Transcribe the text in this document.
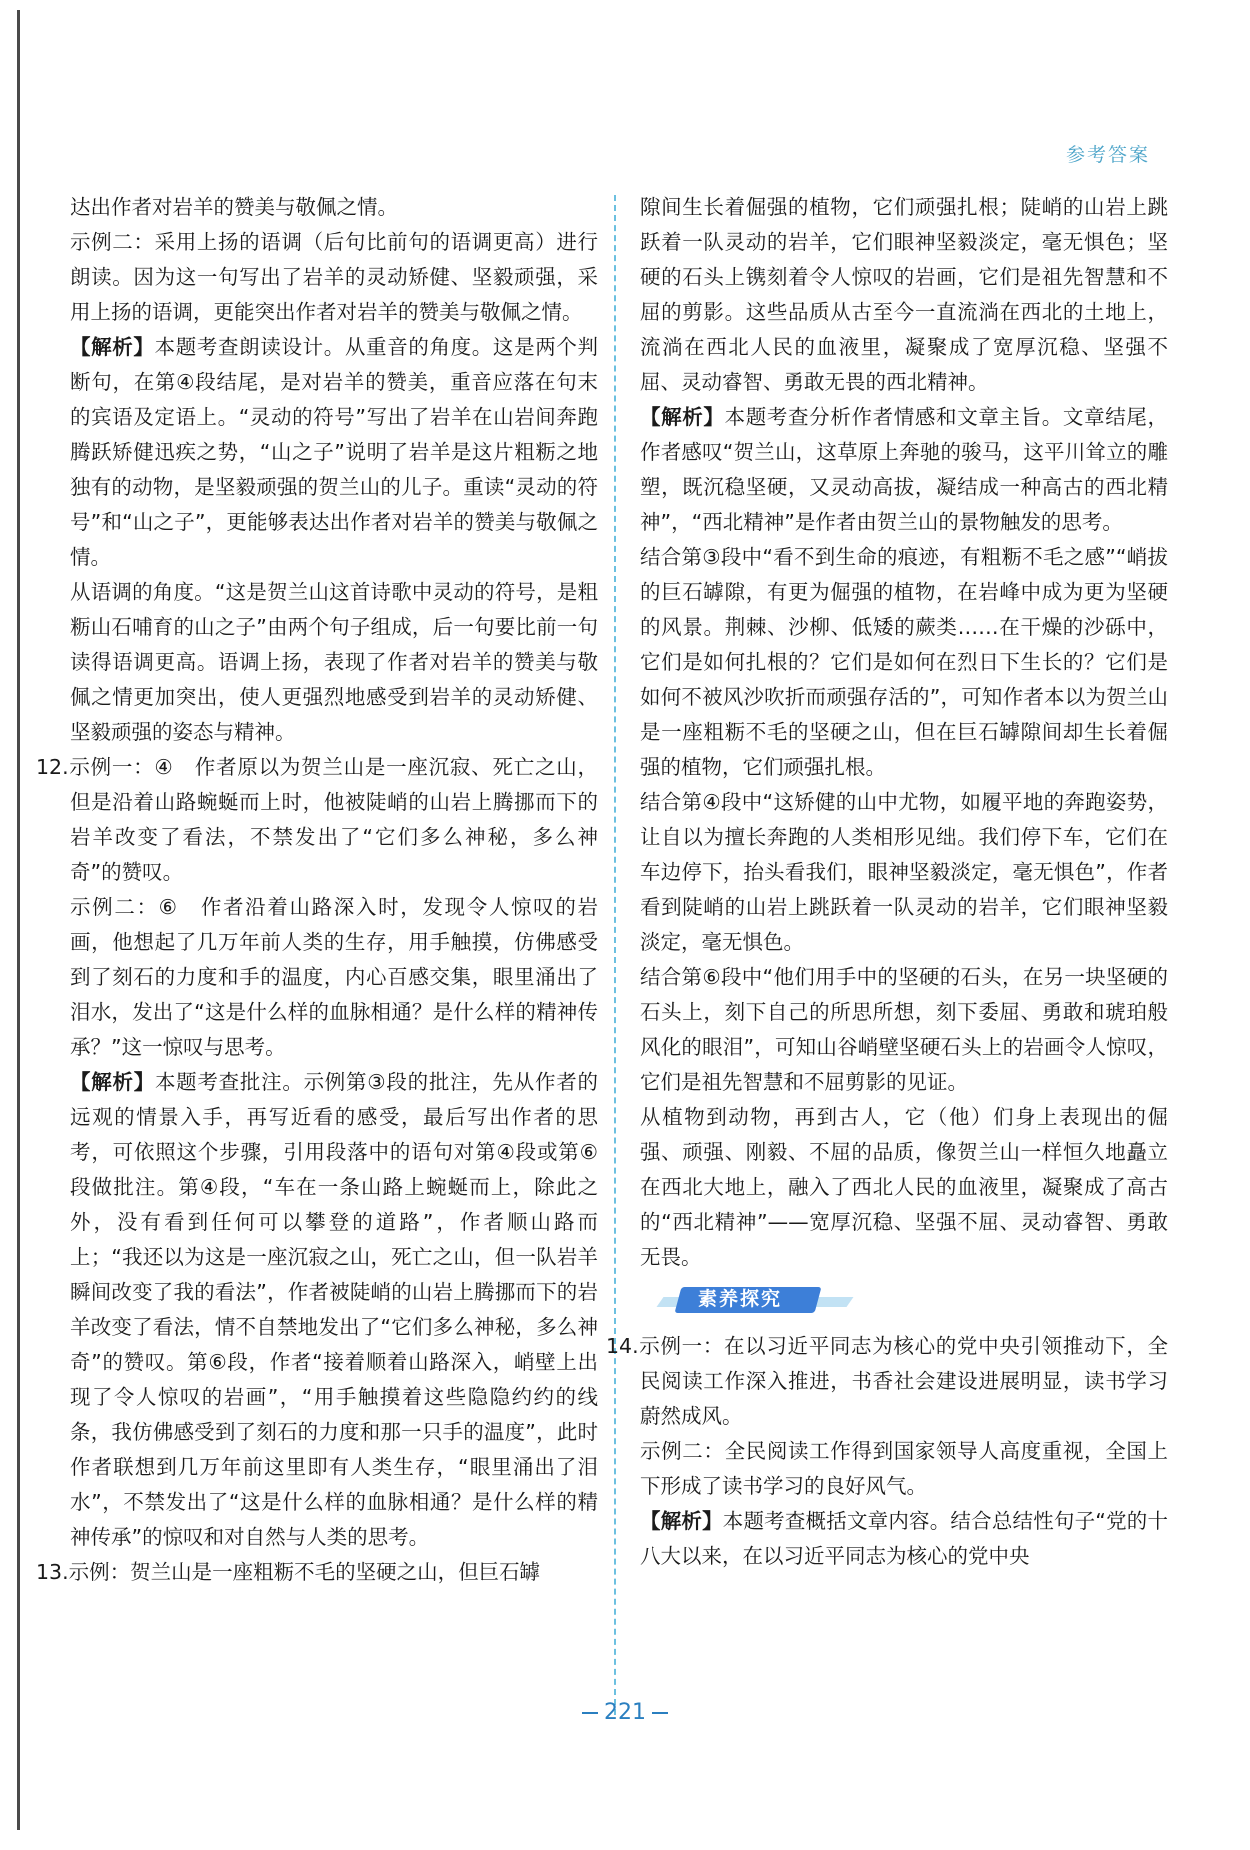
参考答案

达出作者对岩羊的赞美与敬佩之情。

示例二：采用上扬的语调（后句比前句的语调更高）进行朗读。因为这一句写出了岩羊的灵动矫健、坚毅顽强，采用上扬的语调，更能突出作者对岩羊的赞美与敬佩之情。

【解析】本题考查朗读设计。从重音的角度。这是两个判断句，在第④段结尾，是对岩羊的赞美，重音应落在句末的宾语及定语上。“灵动的符号”写出了岩羊在山岩间奔跑腾跃矫健迅疾之势，“山之子”说明了岩羊是这片粗粝之地独有的动物，是坚毅顽强的贺兰山的儿子。重读“灵动的符号”和“山之子”，更能够表达出作者对岩羊的赞美与敬佩之情。

从语调的角度。“这是贺兰山这首诗歌中灵动的符号，是粗粝山石哺育的山之子”由两个句子组成，后一句要比前一句读得语调更高。语调上扬，表现了作者对岩羊的赞美与敬佩之情更加突出，使人更强烈地感受到岩羊的灵动矫健、坚毅顽强的姿态与精神。

12.示例一：④　作者原以为贺兰山是一座沉寂、死亡之山，但是沿着山路蜿蜒而上时，他被陡峭的山岩上腾挪而下的岩羊改变了看法，不禁发出了“它们多么神秘，多么神奇”的赞叹。

示例二：⑥　作者沿着山路深入时，发现令人惊叹的岩画，他想起了几万年前人类的生存，用手触摸，仿佛感受到了刻石的力度和手的温度，内心百感交集，眼里涌出了泪水，发出了“这是什么样的血脉相通？是什么样的精神传承？”这一惊叹与思考。

【解析】本题考查批注。示例第③段的批注，先从作者的远观的情景入手，再写近看的感受，最后写出作者的思考，可依照这个步骤，引用段落中的语句对第④段或第⑥段做批注。第④段，“车在一条山路上蜿蜒而上，除此之外，没有看到任何可以攀登的道路”，作者顺山路而上；“我还以为这是一座沉寂之山，死亡之山，但一队岩羊瞬间改变了我的看法”，作者被陡峭的山岩上腾挪而下的岩羊改变了看法，情不自禁地发出了“它们多么神秘，多么神奇”的赞叹。第⑥段，作者“接着顺着山路深入，峭壁上出现了令人惊叹的岩画”，“用手触摸着这些隐隐约约的线条，我仿佛感受到了刻石的力度和那一只手的温度”，此时作者联想到几万年前这里即有人类生存，“眼里涌出了泪水”，不禁发出了“这是什么样的血脉相通？是什么样的精神传承”的惊叹和对自然与人类的思考。

13.示例：贺兰山是一座粗粝不毛的坚硬之山，但巨石罅

隙间生长着倔强的植物，它们顽强扎根；陡峭的山岩上跳跃着一队灵动的岩羊，它们眼神坚毅淡定，毫无惧色；坚硬的石头上镌刻着令人惊叹的岩画，它们是祖先智慧和不屈的剪影。这些品质从古至今一直流淌在西北的土地上，流淌在西北人民的血液里，凝聚成了宽厚沉稳、坚强不屈、灵动睿智、勇敢无畏的西北精神。

【解析】本题考查分析作者情感和文章主旨。文章结尾，作者感叹“贺兰山，这草原上奔驰的骏马，这平川耸立的雕塑，既沉稳坚硬，又灵动高拔，凝结成一种高古的西北精神”，“西北精神”是作者由贺兰山的景物触发的思考。

结合第③段中“看不到生命的痕迹，有粗粝不毛之感”“峭拔的巨石罅隙，有更为倔强的植物，在岩峰中成为更为坚硬的风景。荆棘、沙柳、低矮的蕨类……在干燥的沙砾中，它们是如何扎根的？它们是如何在烈日下生长的？它们是如何不被风沙吹折而顽强存活的”，可知作者本以为贺兰山是一座粗粝不毛的坚硬之山，但在巨石罅隙间却生长着倔强的植物，它们顽强扎根。

结合第④段中“这矫健的山中尤物，如履平地的奔跑姿势，让自以为擅长奔跑的人类相形见绌。我们停下车，它们在车边停下，抬头看我们，眼神坚毅淡定，毫无惧色”，作者看到陡峭的山岩上跳跃着一队灵动的岩羊，它们眼神坚毅淡定，毫无惧色。

结合第⑥段中“他们用手中的坚硬的石头，在另一块坚硬的石头上，刻下自己的所思所想，刻下委屈、勇敢和琥珀般风化的眼泪”，可知山谷峭壁坚硬石头上的岩画令人惊叹，它们是祖先智慧和不屈剪影的见证。

从植物到动物，再到古人，它（他）们身上表现出的倔强、顽强、刚毅、不屈的品质，像贺兰山一样恒久地矗立在西北大地上，融入了西北人民的血液里，凝聚成了高古的“西北精神”——宽厚沉稳、坚强不屈、灵动睿智、勇敢无畏。

素养探究

14.示例一：在以习近平同志为核心的党中央引领推动下，全民阅读工作深入推进，书香社会建设进展明显，读书学习蔚然成风。

示例二：全民阅读工作得到国家领导人高度重视，全国上下形成了读书学习的良好风气。

【解析】本题考查概括文章内容。结合总结性句子“党的十八大以来，在以习近平同志为核心的党中央

221
